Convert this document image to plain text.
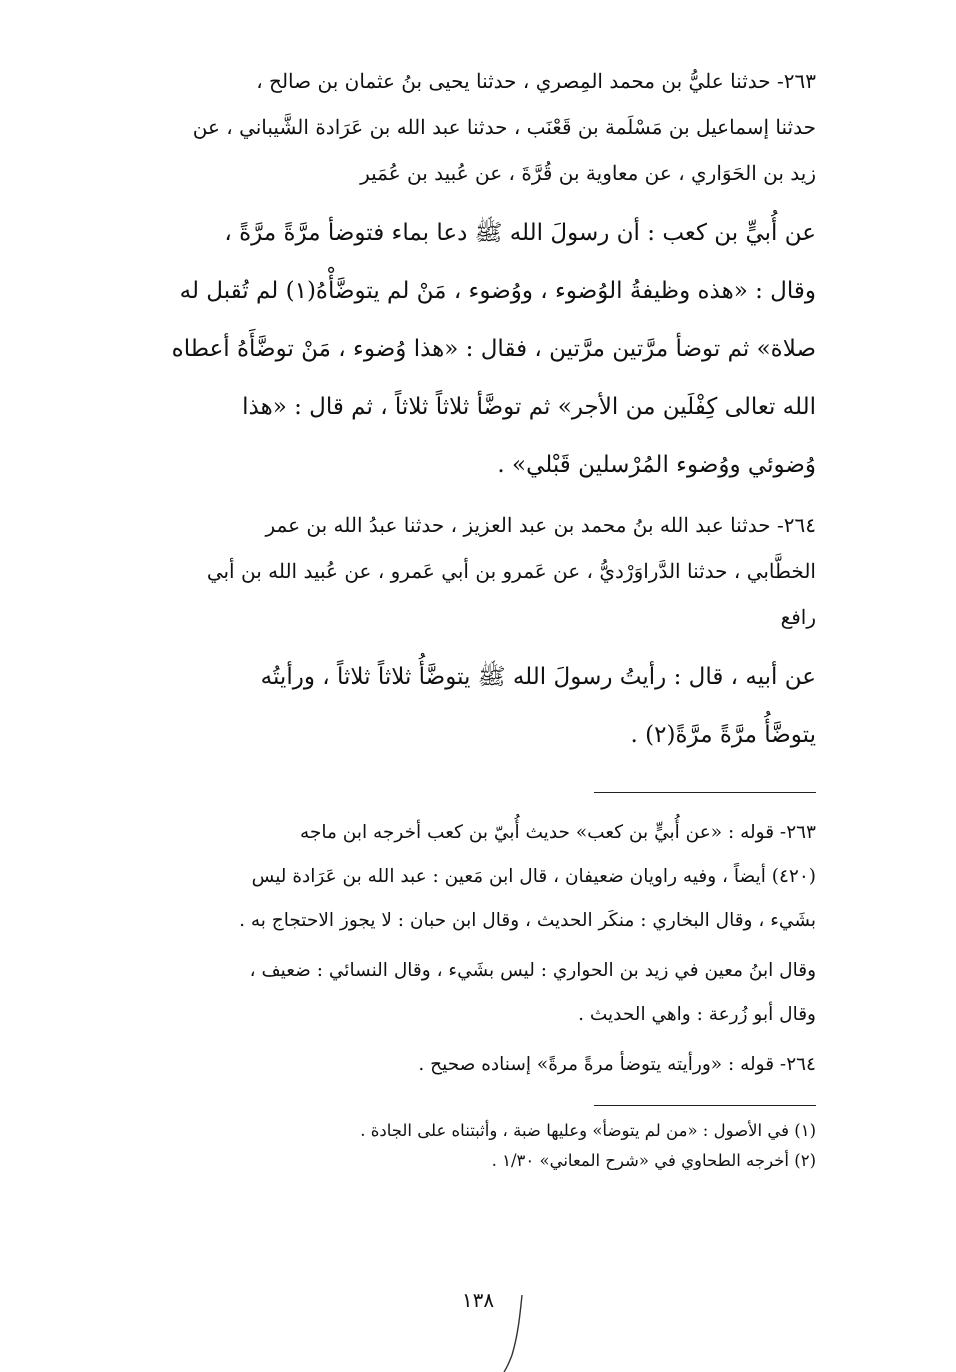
٢٦٣- حدثنا عليُّ بن محمد المِصري ، حدثنا يحيى بنُ عثمان بن صالح ،
حدثنا إسماعيل بن مَسْلَمة بن قَعْنَب ، حدثنا عبد الله بن عَرَادة الشَّيباني ، عن
زيد بن الحَوَاري ، عن معاوية بن قُرَّةَ ، عن عُبيد بن عُمَير

عن أُبيٍّ بن كعب : أن رسولَ الله ﷺ دعا بماء فتوضأ مرَّةً مرَّةً ،
وقال : «هذه وظيفةُ الوُضوء ، ووُضوء ، مَنْ لم يتوضَّأْهُ(١) لم تُقبل له
صلاة» ثم توضأ مرَّتين مرَّتين ، فقال : «هذا وُضوء ، مَنْ توضَّأَهُ أعطاه
الله تعالى كِفْلَين من الأجر» ثم توضَّأ ثلاثاً ثلاثاً ، ثم قال : «هذا
وُضوئي ووُضوء المُرْسلين قَبْلي» .

٢٦٤- حدثنا عبد الله بنُ محمد بن عبد العزيز ، حدثنا عبدُ الله بن عمر
الخطَّابي ، حدثنا الدَّراوَرْديُّ ، عن عَمرو بن أبي عَمرو ، عن عُبيد الله بن أبي
رافع

عن أبيه ، قال : رأيتُ رسولَ الله ﷺ يتوضَّأُ ثلاثاً ثلاثاً ، ورأيتُه
يتوضَّأُ مرَّةً مرَّةً(٢) .

٢٦٣- قوله : «عن أُبيٍّ بن كعب» حديث أُبيّ بن كعب أخرجه ابن ماجه
(٤٢٠) أيضاً ، وفيه راويان ضعيفان ، قال ابن مَعين : عبد الله بن عَرَادة ليس
بشَيء ، وقال البخاري : منكَر الحديث ، وقال ابن حبان : لا يجوز الاحتجاج به .

وقال ابنُ معين في زيد بن الحواري : ليس بشَيء ، وقال النسائي : ضعيف ،
وقال أبو زُرعة : واهي الحديث .

٢٦٤- قوله : «ورأيته يتوضأ مرةً مرةً» إسناده صحيح .

(١) في الأصول : «من لم يتوضأ» وعليها ضبة ، وأثبتناه على الجادة .

(٢) أخرجه الطحاوي في «شرح المعاني» ١/٣٠ .

١٣٨
